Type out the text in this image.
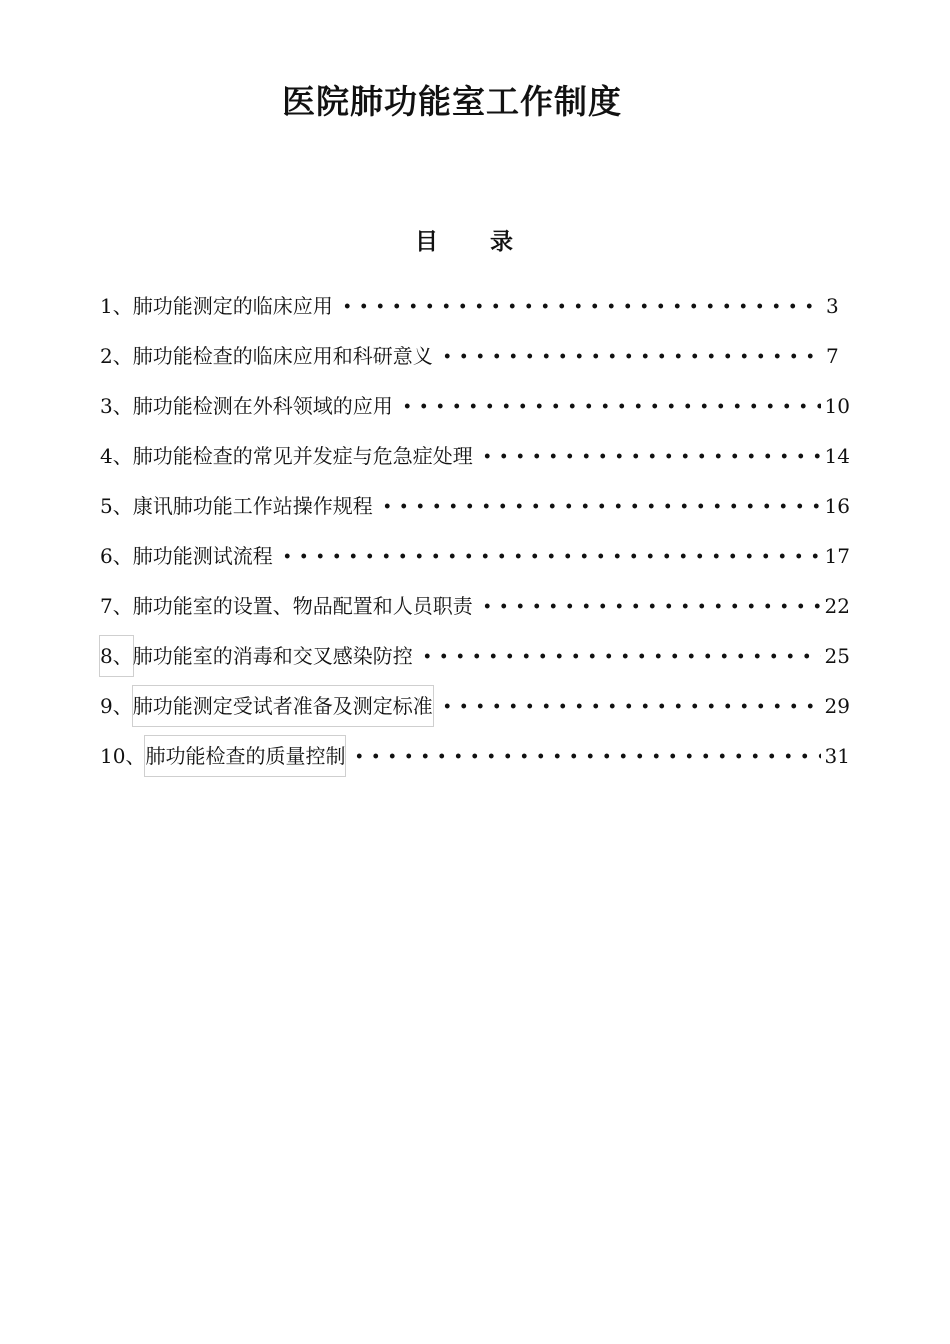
医院肺功能室工作制度
目 录
1、 肺功能测定的临床应用	3
2、 肺功能检查的临床应用和科研意义	7
3、 肺功能检测在外科领域的应用	10
4、 肺功能检查的常见并发症与危急症处理	14
5、 康讯肺功能工作站操作规程	16
6、 肺功能测试流程	17
7、 肺功能室的设置、物品配置和人员职责	22
8、 肺功能室的消毒和交叉感染防控	25
9、 肺功能测定受试者准备及测定标准	29
10、 肺功能检查的质量控制	31
